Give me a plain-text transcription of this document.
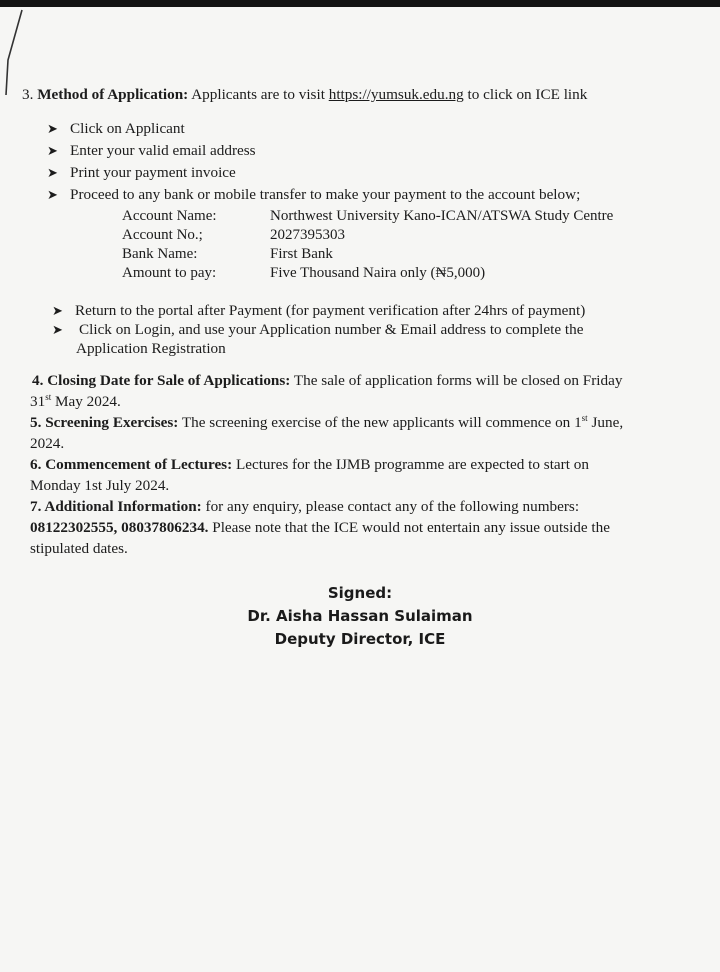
3. Method of Application: Applicants are to visit https://yumsuk.edu.ng to click on ICE link
➤ Click on Applicant
➤ Enter your valid email address
➤ Print your payment invoice
➤ Proceed to any bank or mobile transfer to make your payment to the account below;
Account Name:	Northwest University Kano-ICAN/ATSWA Study Centre
Account No.;	2027395303
Bank Name:	First Bank
Amount to pay:	Five Thousand Naira only (₦5,000)
➤ Return to the portal after Payment (for payment verification after 24hrs of payment)
➤ Click on Login, and use your Application number & Email address to complete the
Application Registration
4. Closing Date for Sale of Applications: The sale of application forms will be closed on Friday
31st May 2024.
5. Screening Exercises: The screening exercise of the new applicants will commence on 1st June,
2024.
6. Commencement of Lectures: Lectures for the IJMB programme are expected to start on
Monday 1st July 2024.
7. Additional Information: for any enquiry, please contact any of the following numbers:
08122302555, 08037806234. Please note that the ICE would not entertain any issue outside the
stipulated dates.
Signed:
Dr. Aisha Hassan Sulaiman
Deputy Director, ICE
